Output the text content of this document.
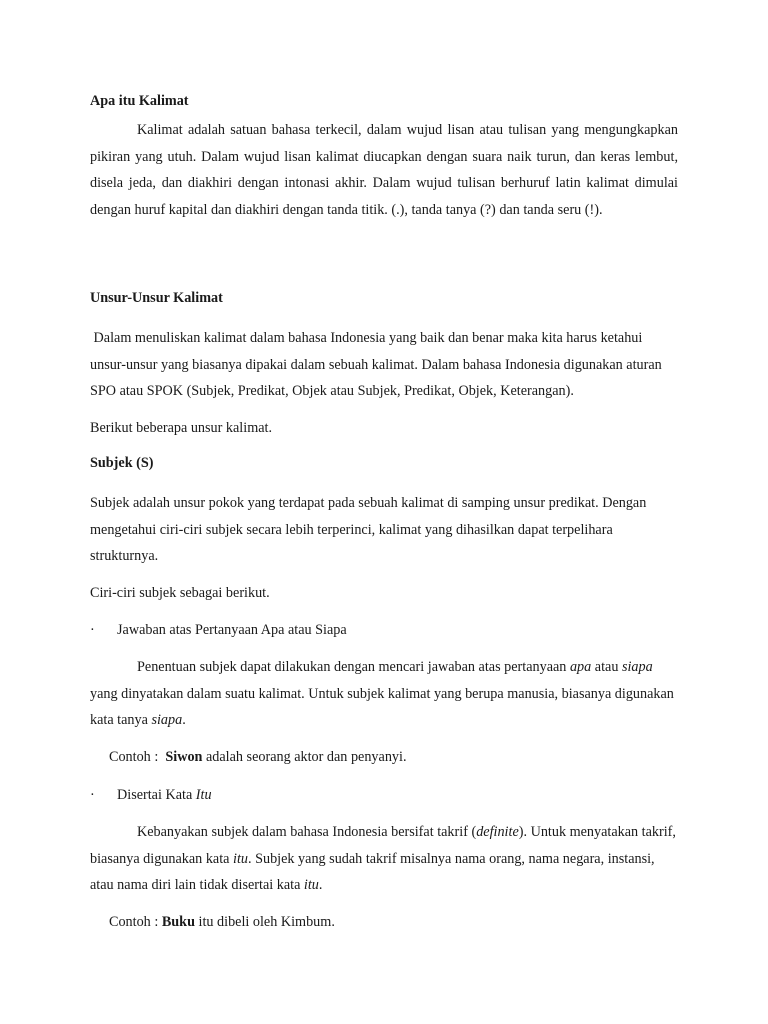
Apa itu Kalimat

Kalimat adalah satuan bahasa terkecil, dalam wujud lisan atau tulisan yang mengungkapkan pikiran yang utuh. Dalam wujud lisan kalimat diucapkan dengan suara naik turun, dan keras lembut, disela jeda, dan diakhiri dengan intonasi akhir. Dalam wujud tulisan berhuruf latin kalimat dimulai dengan huruf kapital dan diakhiri dengan tanda titik. (.), tanda tanya (?) dan tanda seru (!).

Unsur-Unsur Kalimat

Dalam menuliskan kalimat dalam bahasa Indonesia yang baik dan benar maka kita harus ketahui unsur-unsur yang biasanya dipakai dalam sebuah kalimat. Dalam bahasa Indonesia digunakan aturan SPO atau SPOK (Subjek, Predikat, Objek atau Subjek, Predikat, Objek, Keterangan).

Berikut beberapa unsur kalimat.

Subjek (S)

Subjek adalah unsur pokok yang terdapat pada sebuah kalimat di samping unsur predikat. Dengan mengetahui ciri-ciri subjek secara lebih terperinci, kalimat yang dihasilkan dapat terpelihara strukturnya.

Ciri-ciri subjek sebagai berikut.

· Jawaban atas Pertanyaan Apa atau Siapa

Penentuan subjek dapat dilakukan dengan mencari jawaban atas pertanyaan apa atau siapa yang dinyatakan dalam suatu kalimat. Untuk subjek kalimat yang berupa manusia, biasanya digunakan kata tanya siapa.

Contoh :  Siwon adalah seorang aktor dan penyanyi.

· Disertai Kata Itu

Kebanyakan subjek dalam bahasa Indonesia bersifat takrif (definite). Untuk menyatakan takrif, biasanya digunakan kata itu. Subjek yang sudah takrif misalnya nama orang, nama negara, instansi, atau nama diri lain tidak disertai kata itu.

Contoh : Buku itu dibeli oleh Kimbum.
